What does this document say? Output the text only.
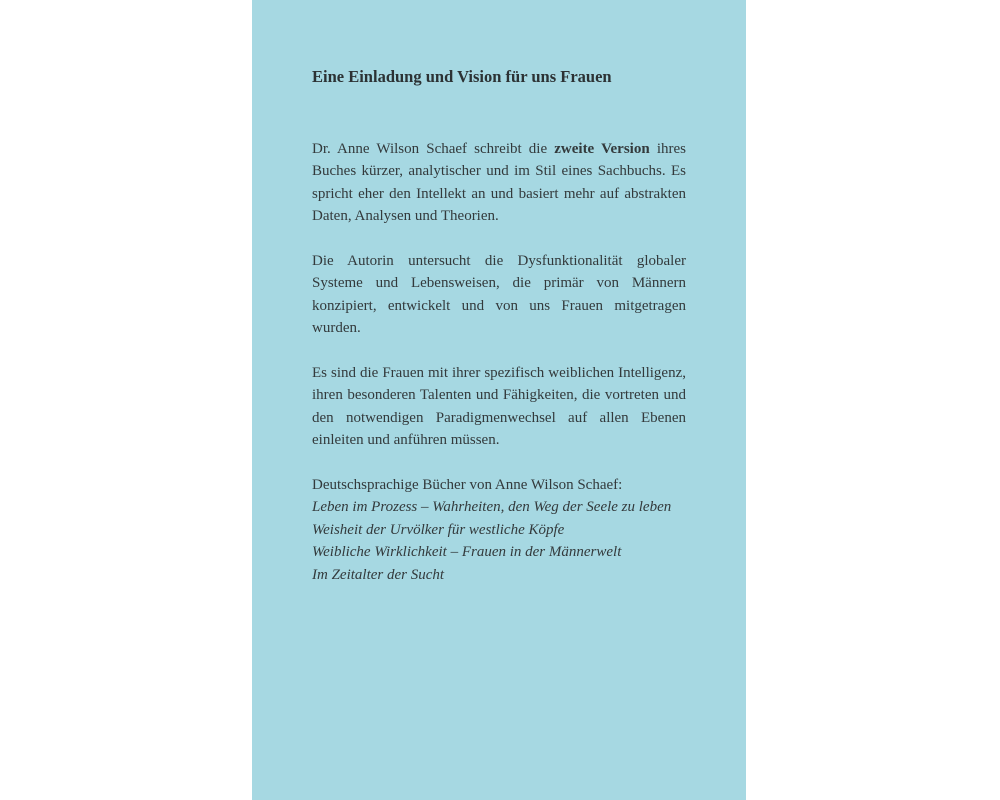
Eine Einladung und Vision für uns Frauen

Dr. Anne Wilson Schaef schreibt die zweite Version ihres Buches kürzer, analytischer und im Stil eines Sachbuchs. Es spricht eher den Intellekt an und basiert mehr auf abstrakten Daten, Analysen und Theorien.

Die Autorin untersucht die Dysfunktionalität globaler Systeme und Lebensweisen, die primär von Männern konzipiert, entwickelt und von uns Frauen mitgetragen wurden.

Es sind die Frauen mit ihrer spezifisch weiblichen Intelligenz, ihren besonderen Talenten und Fähigkeiten, die vortreten und den notwendigen Paradigmenwechsel auf allen Ebenen einleiten und anführen müssen.

Deutschsprachige Bücher von Anne Wilson Schaef:

Leben im Prozess – Wahrheiten, den Weg der Seele zu leben
Weisheit der Urvölker für westliche Köpfe
Weibliche Wirklichkeit – Frauen in der Männerwelt
Im Zeitalter der Sucht
